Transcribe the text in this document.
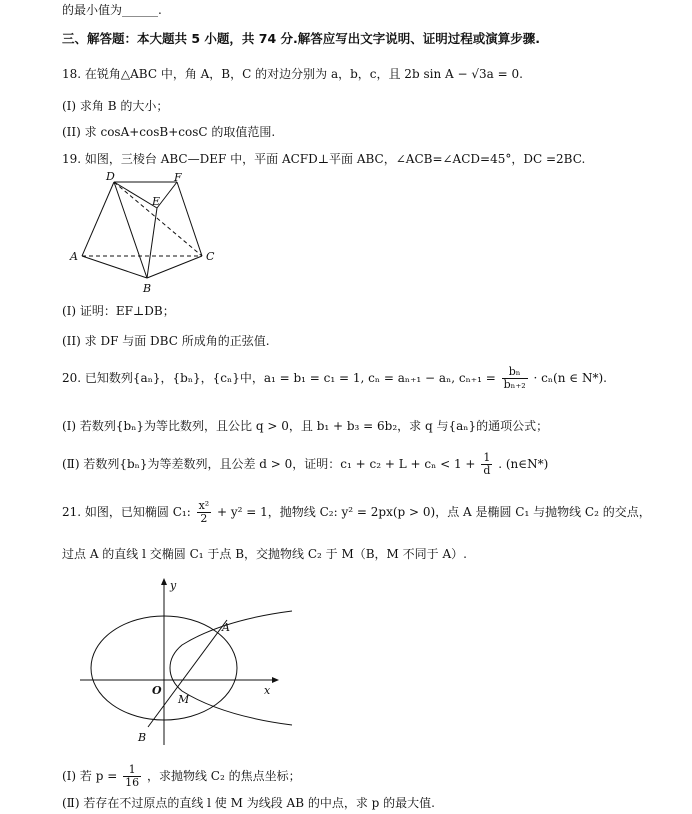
的最小值为______.
三、解答题：本大题共 5 小题，共 74 分.解答应写出文字说明、证明过程或演算步骤.
18. 在锐角△ABC 中，角 A，B，C 的对边分别为 a，b，c，且 2b sin A − √3a = 0.
(I) 求角 B 的大小；
(II) 求 cosA+cosB+cosC 的取值范围.
19. 如图，三棱台 ABC—DEF 中，平面 ACFD⊥平面 ABC，∠ACB=∠ACD=45°，DC =2BC.
D	F
E
A	C
B
(I) 证明：EF⊥DB；
(II) 求 DF 与面 DBC 所成角的正弦值.
20. 已知数列{aₙ}，{bₙ}，{cₙ}中，a₁ = b₁ = c₁ = 1, cₙ = aₙ₊₁ − aₙ, $c_{n+1} = \frac{\text{bₙ}}{\text{bₙ₊₂}} \cdot c_n(n$ ∈ N*).
(Ⅰ) 若数列{bₙ}为等比数列，且公比 q > 0，且 b₁ + b₃ = 6b₂，求 q 与{aₙ}的通项公式；
(Ⅱ) 若数列{bₙ}为等差数列，且公差 d > 0，证明：$c_1 + c_2 + L + c_n < 1 + \frac{1}{d}$ . (n∈N*)
21. 如图，已知椭圆 C₁: $\frac{\text{x²}}{2} + y^2 = 1$，抛物线 C₂: y² = 2px(p > 0)，点 A 是椭圆 C₁ 与抛物线 C₂ 的交点，
过点 A 的直线 l 交椭圆 C₁ 于点 B，交抛物线 C₂ 于 M（B，M 不同于 A）.
y
x
O
A
M
B
(Ⅰ) 若 $p = \frac{1}{16}$ ，求抛物线 C₂ 的焦点坐标；
(Ⅱ) 若存在不过原点的直线 l 使 M 为线段 AB 的中点，求 p 的最大值.
